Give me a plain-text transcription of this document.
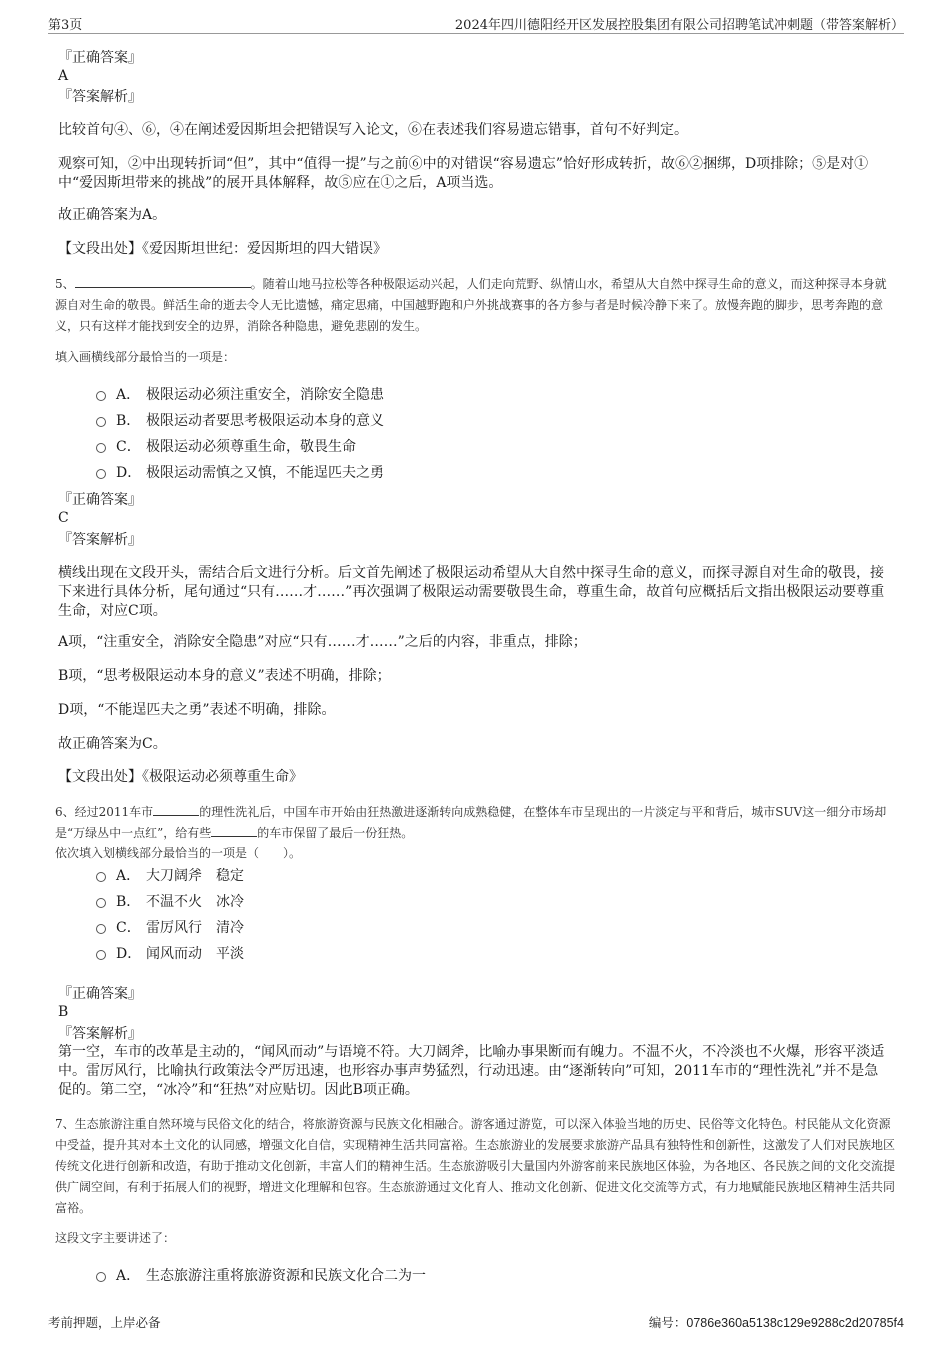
第3页	2024年四川德阳经开区发展控股集团有限公司招聘笔试冲刺题（带答案解析）
『正确答案』
A
『答案解析』
比较首句④、⑥，④在阐述爱因斯坦会把错误写入论文，⑥在表述我们容易遗忘错事，首句不好判定。
观察可知，②中出现转折词“但”，其中“值得一提”与之前⑥中的对错误“容易遗忘”恰好形成转折，故⑥②捆绑，D项排除；⑤是对①中“爱因斯坦带来的挑战”的展开具体解释，故⑤应在①之后，A项当选。
故正确答案为A。
【文段出处】《爱因斯坦世纪：爱因斯坦的四大错误》
5、	。随着山地马拉松等各种极限运动兴起，人们走向荒野、纵情山水，希望从大自然中探寻生命的意义，而这种探寻本身就源自对生命的敬畏。鲜活生命的逝去令人无比遗憾，痛定思痛，中国越野跑和户外挑战赛事的各方参与者是时候冷静下来了。放慢奔跑的脚步，思考奔跑的意义，只有这样才能找到安全的边界，消除各种隐患，避免悲剧的发生。
填入画横线部分最恰当的一项是：
A． 极限运动必须注重安全，消除安全隐患
B． 极限运动者要思考极限运动本身的意义
C． 极限运动必须尊重生命，敬畏生命
D． 极限运动需慎之又慎，不能逞匹夫之勇
『正确答案』
C
『答案解析』
横线出现在文段开头，需结合后文进行分析。后文首先阐述了极限运动希望从大自然中探寻生命的意义，而探寻源自对生命的敬畏，接下来进行具体分析，尾句通过“只有……才……”再次强调了极限运动需要敬畏生命，尊重生命，故首句应概括后文指出极限运动要尊重生命，对应C项。
A项，“注重安全，消除安全隐患”对应“只有……才……”之后的内容，非重点，排除；
B项，“思考极限运动本身的意义”表述不明确，排除；
D项，“不能逞匹夫之勇”表述不明确，排除。
故正确答案为C。
【文段出处】《极限运动必须尊重生命》
6、经过2011车市	的理性洗礼后，中国车市开始由狂热激进逐渐转向成熟稳健，在整体车市呈现出的一片淡定与平和背后，城市SUV这一细分市场却是“万绿丛中一点红”，给有些	的车市保留了最后一份狂热。
依次填入划横线部分最恰当的一项是（　　）。
A． 大刀阔斧　稳定
B． 不温不火　冰冷
C． 雷厉风行　清冷
D． 闻风而动　平淡
『正确答案』
B
『答案解析』
第一空，车市的改革是主动的，“闻风而动”与语境不符。大刀阔斧，比喻办事果断而有魄力。不温不火，不冷淡也不火爆，形容平淡适中。雷厉风行，比喻执行政策法令严厉迅速，也形容办事声势猛烈，行动迅速。由“逐渐转向”可知，2011车市的“理性洗礼”并不是急促的。第二空，“冰冷”和“狂热”对应贴切。因此B项正确。
7、生态旅游注重自然环境与民俗文化的结合，将旅游资源与民族文化相融合。游客通过游览，可以深入体验当地的历史、民俗等文化特色。村民能从文化资源中受益，提升其对本土文化的认同感，增强文化自信，实现精神生活共同富裕。生态旅游业的发展要求旅游产品具有独特性和创新性，这激发了人们对民族地区传统文化进行创新和改造，有助于推动文化创新，丰富人们的精神生活。生态旅游吸引大量国内外游客前来民族地区体验，为各地区、各民族之间的文化交流提供广阔空间，有利于拓展人们的视野，增进文化理解和包容。生态旅游通过文化育人、推动文化创新、促进文化交流等方式，有力地赋能民族地区精神生活共同富裕。
这段文字主要讲述了：
A． 生态旅游注重将旅游资源和民族文化合二为一
考前押题，上岸必备	编号：0786e360a5138c129e9288c2d20785f4
